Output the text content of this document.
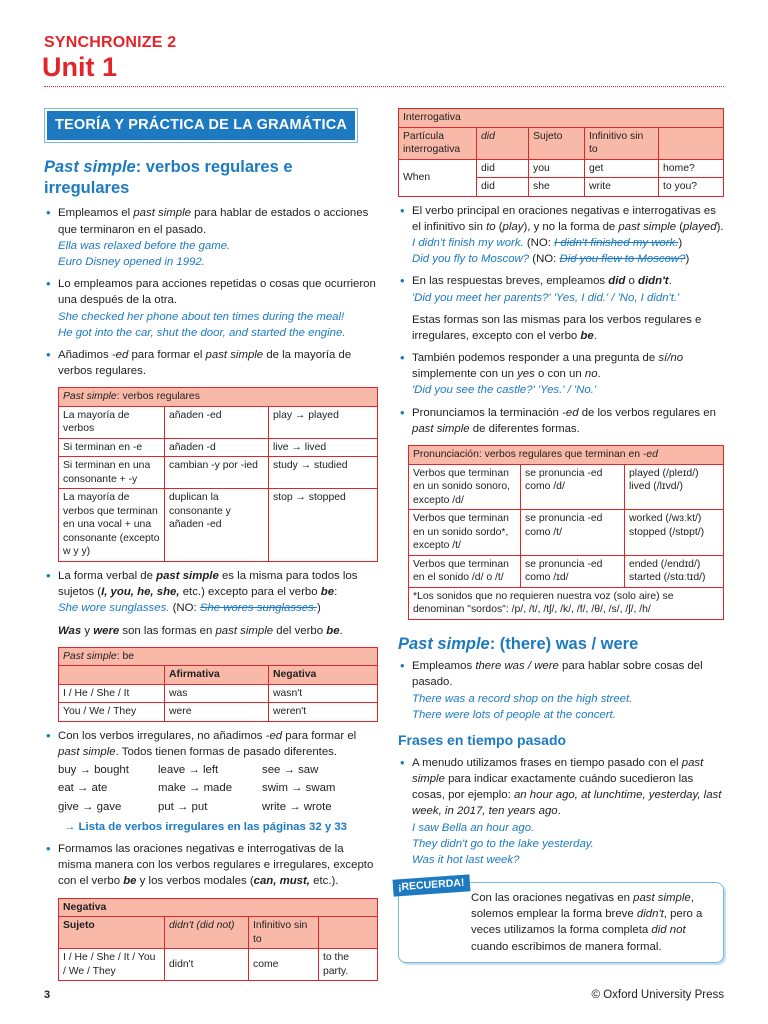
SYNCHRONIZE 2
Unit 1
TEORÍA Y PRÁCTICA DE LA GRAMÁTICA
Past simple: verbos regulares e irregulares
• Empleamos el past simple para hablar de estados o acciones que terminaron en el pasado.
Ella was relaxed before the game.
Euro Disney opened in 1992.
• Lo empleamos para acciones repetidas o cosas que ocurrieron una después de la otra.
She checked her phone about ten times during the meal!
He got into the car, shut the door, and started the engine.
• Añadimos -ed para formar el past simple de la mayoría de verbos regulares.
Past simple: verbos regulares		
La mayoría de verbos	añaden -ed	play → played
Si terminan en -e	añaden -d	live → lived
Si terminan en una consonante + -y	cambian -y por -ied	study → studied
La mayoría de verbos que terminan en una vocal + una consonante (excepto w y y)	duplican la consonante y añaden -ed	stop → stopped
• La forma verbal de past simple es la misma para todos los sujetos (I, you, he, she, etc.) excepto para el verbo be:
She wore sunglasses. (NO: She wores sunglasses.)
Was y were son las formas en past simple del verbo be.
Past simple: be		
	Afirmativa	Negativa
I / He / She / It	was	wasn't
You / We / They	were	weren't
• Con los verbos irregulares, no añadimos -ed para formar el past simple. Todos tienen formas de pasado diferentes.
buy → bought	leave → left	see → saw
eat → ate	make → made	swim → swam
give → gave	put → put	write → wrote
→ Lista de verbos irregulares en las páginas 32 y 33
• Formamos las oraciones negativas e interrogativas de la misma manera con los verbos regulares e irregulares, excepto con el verbo be y los verbos modales (can, must, etc.).
Negativa			
Sujeto	didn't (did not)	Infinitivo sin to	
I / He / She / It / You / We / They	didn't	come	to the party.
Interrogativa				
Partícula interrogativa	did	Sujeto	Infinitivo sin to	
When	did	you	get	home?
	did	she	write	to you?
• El verbo principal en oraciones negativas e interrogativas es el infinitivo sin to (play), y no la forma de past simple (played).
I didn't finish my work. (NO: I didn't finished my work.)
Did you fly to Moscow? (NO: Did you flew to Moscow?)
• En las respuestas breves, empleamos did o didn't.
'Did you meet her parents?' 'Yes, I did.' / 'No, I didn't.'
Estas formas son las mismas para los verbos regulares e irregulares, excepto con el verbo be.
• También podemos responder a una pregunta de sí/no simplemente con un yes o con un no.
'Did you see the castle?' 'Yes.' / 'No.'
• Pronunciamos la terminación -ed de los verbos regulares en past simple de diferentes formas.
Pronunciación: verbos regulares que terminan en -ed		
Verbos que terminan en un sonido sonoro, excepto /d/	se pronuncia -ed como /d/	played (/pleɪd/)
lived (/lɪvd/)
Verbos que terminan en un sonido sordo*, excepto /t/	se pronuncia -ed como /t/	worked (/wɜːkt/)
stopped (/stɒpt/)
Verbos que terminan en el sonido /d/ o /t/	se pronuncia -ed como /ɪd/	ended (/endɪd/)
started (/stɑːtɪd/)
*Los sonidos que no requieren nuestra voz (solo aire) se denominan "sordos": /p/, /t/, /tʃ/, /k/, /f/, /θ/, /s/, /ʃ/, /h/		
Past simple: (there) was / were
• Empleamos there was / were para hablar sobre cosas del pasado.
There was a record shop on the high street.
There were lots of people at the concert.
Frases en tiempo pasado
• A menudo utilizamos frases en tiempo pasado con el past simple para indicar exactamente cuándo sucedieron las cosas, por ejemplo: an hour ago, at lunchtime, yesterday, last week, in 2017, ten years ago.
I saw Bella an hour ago.
They didn't go to the lake yesterday.
Was it hot last week?
¡RECUERDA!
Con las oraciones negativas en past simple, solemos emplear la forma breve didn't, pero a veces utilizamos la forma completa did not cuando escribimos de manera formal.
3	© Oxford University Press
